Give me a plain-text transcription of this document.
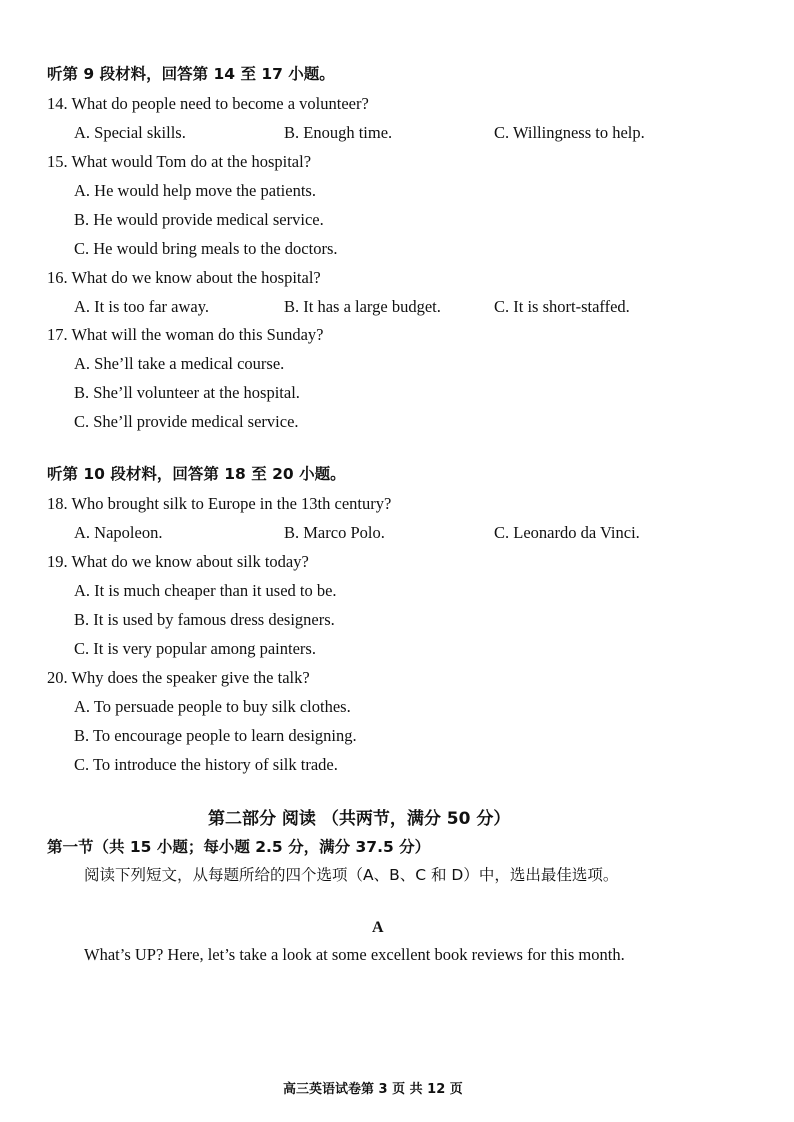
听第 9 段材料，回答第 14 至 17 小题。
14. What do people need to become a volunteer?
A. Special skills.	B. Enough time.	C. Willingness to help.
15. What would Tom do at the hospital?
A. He would help move the patients.
B. He would provide medical service.
C. He would bring meals to the doctors.
16. What do we know about the hospital?
A. It is too far away.	B. It has a large budget.	C. It is short-staffed.
17. What will the woman do this Sunday?
A. She’ll take a medical course.
B. She’ll volunteer at the hospital.
C. She’ll provide medical service.
听第 10 段材料，回答第 18 至 20 小题。
18. Who brought silk to Europe in the 13th century?
A. Napoleon.	B. Marco Polo.	C. Leonardo da Vinci.
19. What do we know about silk today?
A. It is much cheaper than it used to be.
B. It is used by famous dress designers.
C. It is very popular among painters.
20. Why does the speaker give the talk?
A. To persuade people to buy silk clothes.
B. To encourage people to learn designing.
C. To introduce the history of silk trade.
第二部分 阅读 （共两节，满分 50 分）
第一节（共 15 小题；每小题 2.5 分，满分 37.5 分）
阅读下列短文，从每题所给的四个选项（A、B、C 和 D）中，选出最佳选项。
A
What’s UP? Here, let’s take a look at some excellent book reviews for this month.
高三英语试卷第 3 页 共 12 页
